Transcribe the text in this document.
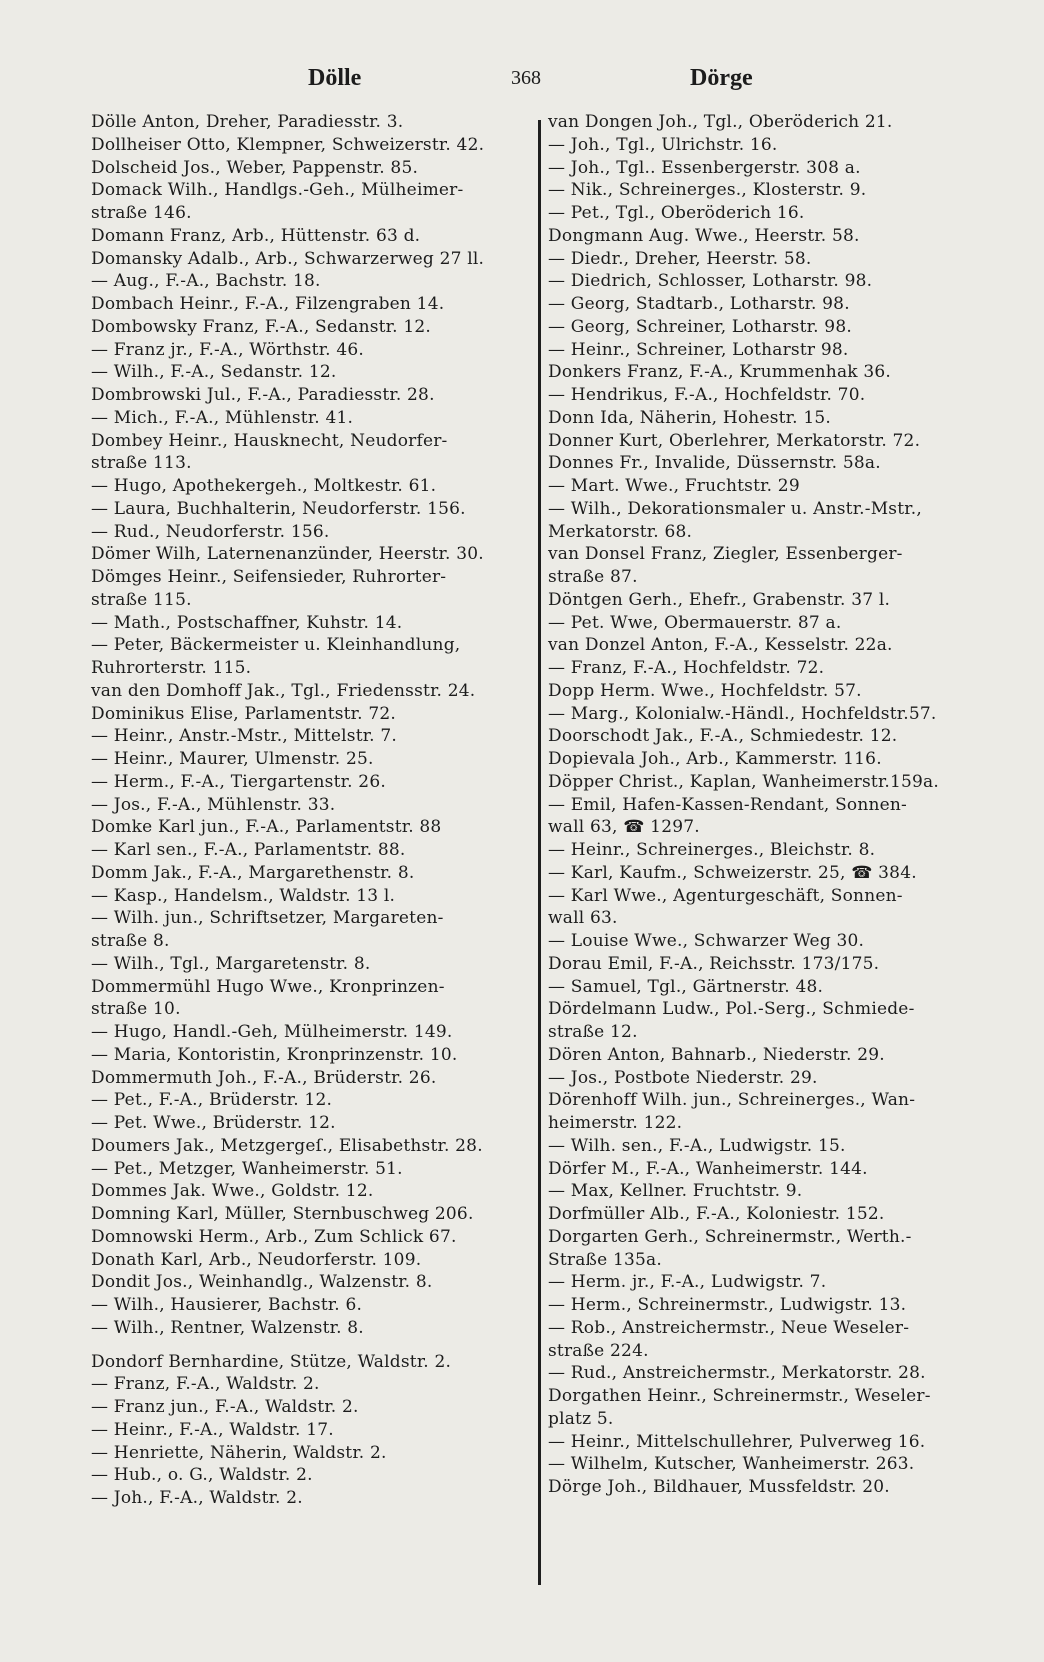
Dölle	368	Dörge

Dölle Anton, Dreher, Paradiesstr. 3.

Dollheiser Otto, Klempner, Schweizerstr. 42.

Dolscheid Jos., Weber, Pappenstr. 85.

Domack Wilh., Handlgs.-Geh., Mülheimer-

straße 146.

Domann Franz, Arb., Hüttenstr. 63 d.

Domansky Adalb., Arb., Schwarzerweg 27 ll.

— Aug., F.-A., Bachstr. 18.

Dombach Heinr., F.-A., Filzengraben 14.

Dombowsky Franz, F.-A., Sedanstr. 12.

— Franz jr., F.-A., Wörthstr. 46.

— Wilh., F.-A., Sedanstr. 12.

Dombrowski Jul., F.-A., Paradiesstr. 28.

— Mich., F.-A., Mühlenstr. 41.

Dombey Heinr., Hausknecht, Neudorfer-

straße 113.

— Hugo, Apothekergeh., Moltkestr. 61.

— Laura, Buchhalterin, Neudorferstr. 156.

— Rud., Neudorferstr. 156.

Dömer Wilh, Laternenanzünder, Heerstr. 30.

Dömges Heinr., Seifensieder, Ruhrorter-

straße 115.

— Math., Postschaffner, Kuhstr. 14.

— Peter, Bäckermeister u. Kleinhandlung,

Ruhrorterstr. 115.

van den Domhoff Jak., Tgl., Friedensstr. 24.

Dominikus Elise, Parlamentstr. 72.

— Heinr., Anstr.-Mstr., Mittelstr. 7.

— Heinr., Maurer, Ulmenstr. 25.

— Herm., F.-A., Tiergartenstr. 26.

— Jos., F.-A., Mühlenstr. 33.

Domke Karl jun., F.-A., Parlamentstr. 88

— Karl sen., F.-A., Parlamentstr. 88.

Domm Jak., F.-A., Margarethenstr. 8.

— Kasp., Handelsm., Waldstr. 13 l.

— Wilh. jun., Schriftsetzer, Margareten-

straße 8.

— Wilh., Tgl., Margaretenstr. 8.

Dommermühl Hugo Wwe., Kronprinzen-

straße 10.

— Hugo, Handl.-Geh, Mülheimerstr. 149.

— Maria, Kontoristin, Kronprinzenstr. 10.

Dommermuth Joh., F.-A., Brüderstr. 26.

— Pet., F.-A., Brüderstr. 12.

— Pet. Wwe., Brüderstr. 12.

Doumers Jak., Metzgergeſ., Elisabethstr. 28.

— Pet., Metzger, Wanheimerstr. 51.

Dommes Jak. Wwe., Goldstr. 12.

Domning Karl, Müller, Sternbuschweg 206.

Domnowski Herm., Arb., Zum Schlick 67.

Donath Karl, Arb., Neudorferstr. 109.

Dondit Jos., Weinhandlg., Walzenstr. 8.

— Wilh., Hausierer, Bachstr. 6.

— Wilh., Rentner, Walzenstr. 8.

Dondorf Bernhardine, Stütze, Waldstr. 2.

— Franz, F.-A., Waldstr. 2.

— Franz jun., F.-A., Waldstr. 2.

— Heinr., F.-A., Waldstr. 17.

— Henriette, Näherin, Waldstr. 2.

— Hub., o. G., Waldstr. 2.

— Joh., F.-A., Waldstr. 2.

van Dongen Joh., Tgl., Oberöderich 21.

— Joh., Tgl., Ulrichstr. 16.

— Joh., Tgl.. Essenbergerstr. 308 a.

— Nik., Schreinerges., Klosterstr. 9.

— Pet., Tgl., Oberöderich 16.

Dongmann Aug. Wwe., Heerstr. 58.

— Diedr., Dreher, Heerstr. 58.

— Diedrich, Schlosser, Lotharstr. 98.

— Georg, Stadtarb., Lotharstr. 98.

— Georg, Schreiner, Lotharstr. 98.

— Heinr., Schreiner, Lotharstr 98.

Donkers Franz, F.-A., Krummenhak 36.

— Hendrikus, F.-A., Hochfeldstr. 70.

Donn Ida, Näherin, Hohestr. 15.

Donner Kurt, Oberlehrer, Merkatorstr. 72.

Donnes Fr., Invalide, Düssernstr. 58a.

— Mart. Wwe., Fruchtstr. 29

— Wilh., Dekorationsmaler u. Anstr.-Mstr.,

Merkatorstr. 68.

van Donsel Franz, Ziegler, Essenberger-

straße 87.

Döntgen Gerh., Ehefr., Grabenstr. 37 l.

— Pet. Wwe, Obermauerstr. 87 a.

van Donzel Anton, F.-A., Kesselstr. 22a.

— Franz, F.-A., Hochfeldstr. 72.

Dopp Herm. Wwe., Hochfeldstr. 57.

— Marg., Kolonialw.-Händl., Hochfeldstr.57.

Doorschodt Jak., F.-A., Schmiedestr. 12.

Dopievala Joh., Arb., Kammerstr. 116.

Döpper Christ., Kaplan, Wanheimerstr.159a.

— Emil, Hafen-Kassen-Rendant, Sonnen-

wall 63, ☎ 1297.

— Heinr., Schreinerges., Bleichstr. 8.

— Karl, Kaufm., Schweizerstr. 25, ☎ 384.

— Karl Wwe., Agenturgeschäft, Sonnen-

wall 63.

— Louise Wwe., Schwarzer Weg 30.

Dorau Emil, F.-A., Reichsstr. 173/175.

— Samuel, Tgl., Gärtnerstr. 48.

Dördelmann Ludw., Pol.-Serg., Schmiede-

straße 12.

Dören Anton, Bahnarb., Niederstr. 29.

— Jos., Postbote Niederstr. 29.

Dörenhoff Wilh. jun., Schreinerges., Wan-

heimerstr. 122.

— Wilh. sen., F.-A., Ludwigstr. 15.

Dörfer M., F.-A., Wanheimerstr. 144.

— Max, Kellner. Fruchtstr. 9.

Dorfmüller Alb., F.-A., Koloniestr. 152.

Dorgarten Gerh., Schreinermstr., Werth.-

Straße 135a.

— Herm. jr., F.-A., Ludwigstr. 7.

— Herm., Schreinermstr., Ludwigstr. 13.

— Rob., Anstreichermstr., Neue Weseler-

straße 224.

— Rud., Anstreichermstr., Merkatorstr. 28.

Dorgathen Heinr., Schreinermstr., Weseler-

platz 5.

— Heinr., Mittelschullehrer, Pulverweg 16.

— Wilhelm, Kutscher, Wanheimerstr. 263.

Dörge Joh., Bildhauer, Mussfeldstr. 20.
